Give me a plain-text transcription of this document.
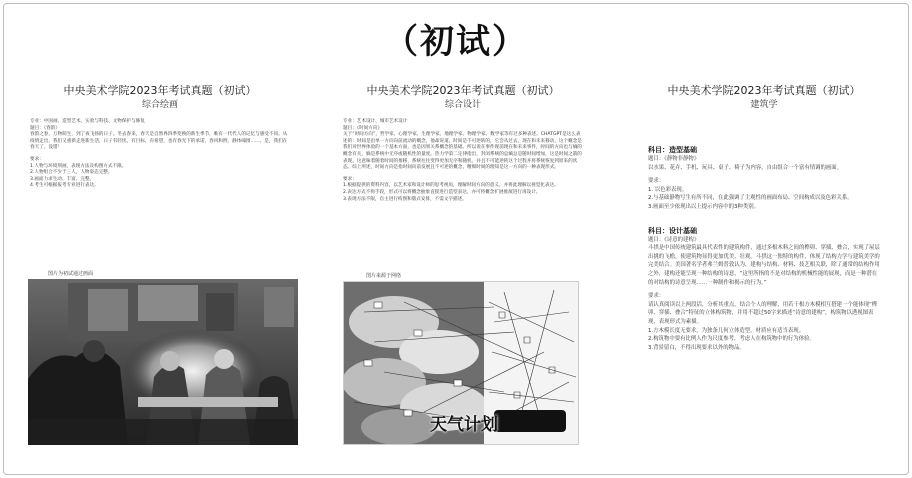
（初试）
中央美术学院2023年考试真题（初试）
综合绘画

专业：中国画、造型艺术、实验与科技、文物保护与修复

题目：《春韵》

春韵之春，万物萌生，到了夜飞扬的日子。冬去春来，春天是自然界四季变换的新生季节，唯有一代代人的记忆与感受不同。从疫情走出，我们又重新走进新生活，日子有轻忧，有目标，有希望，也有春光下的承诺，春风和煦，静体嗓围……，是，我们在春天了，没错！

要求：

1.人物与环境刻画，表现方法及构图方式不限。

2.人物组合不少于三人，人物姿态完整。

3.画面力求生动、丰富、完整。

4.考生可根据报考专业进行表达。

图片为初试通过画面
中央美术学院2023年考试真题（初试）
综合设计

专业：艺术设计、城市艺术设计

题目：《时间方向》

关于“时间方向”，哲学家、心理学家、生理学家、地理学家、物理学家、数学家等有过多种表述。CHATGPT是这么表述的：时间是沿单一方向向前流动的概念，他却说道，时间是不可逆转的，它会从过去、现在和未来移动，这个概念是我们对世界体验的一个基本方面，也是因果关系概念的基础。所以说在事件现前现在和未来事件，时间的方向也与熵的概念有关，熵是系统中无序或随机性的量度。热力学第二定律指出，封闭系统的总熵总是随时间增加，这是时间之箭的表现。这意味着随着时间的推移，系统往往变得更加无序和随机，并且不可能逆转这个过程并将系统恢复到原来的状态。综上所述，时间方向是指时间向前发展且不可逆的概念，精细时间的理知是这一方向的一种表现形式。

要求：

1.根据提供的资料内容，以艺术家和设计师的思考视角，理解时间方向的意义，并将此理解以视觉化表达。

2.表达方式不拘手段，形式可以将概念抽象直接进行造型表达，亦可将概念扩展推演进行再设计。

3.表现方法不限，自主进行构图和版式安排，不需文字描述。

图片来源于网络
天气计划
中央美术学院2023年考试真题（初试）
建筑学
科目：造型基础

题目：《静物非静物》

以水果、花卉、手机、玩具、桌子、椅子为内容，自由组合一个富有情调的画面。

要求：

1. 以色彩表现。

2.与基础静物写生有所不同，在此强调了主观性的画面布局、空间构成以及色彩关系。

3.画面至少依现出以上提示内容中的3种类别。

科目：设计基础

题目：《诗意的建构》

斗拱是中国传统建筑最具代表性的建筑构件，通过多根木料之间的榫卯、穿插、叠合，实现了屋层出挑的飞檐，使建筑物显得更加优美、壮观。斗拱这一独特的构件，体现了结构力学与建筑美学的完美结合。美国著名学者弗兰姆普敦认为，建构与结构、材料、技艺相关联，除了通常的结构作用之外，建构还能呈现一种结构的诗意，“这里所指的不是对结构的机械性能的展现，而是一种潜在的对结构的诗意呈现……一种制作和揭示的行为。”

要求：

请认真阅读以上两段话，分析其重点，结合个人的理解，用若干根方木模相互搭建一个能体现“榫卯、穿插、叠合”特征的立体构筑物，并用不超过50字来描述“诗意的建构”，构筑物以透视图表现，表现形式为素描。

1.方木模长度无要求，为独条几何立体造型，材质应有适当表现。

2.构筑物中要有比例人作为尺度参考，考虑人在构筑物中的行为体验。

3.背景留白，不得出现要求以外的物品。
